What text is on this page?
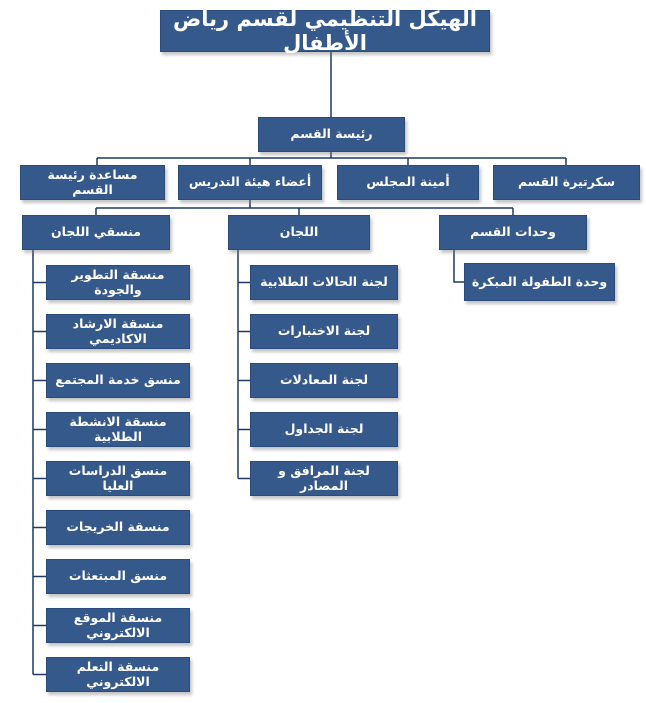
الهيكل التنظيمي لقسم رياض الأطفال
رئيسة القسم
مساعدة رئيسة القسم	أعضاء هيئة التدريس	أمينة المجلس	سكرتيرة القسم
منسقي اللجان	اللجان	وحدات القسم
وحدة الطفولة المبكرة
منسقة التطوير والجودة
منسقة الارشاد الاكاديمي
منسق خدمة المجتمع
منسقة الانشطة الطلابية
منسق الدراسات العليا
منسقة الخريجات
منسق المبتعثات
منسقة الموقع الالكتروني
منسقة التعلم الالكتروني
لجنة الحالات الطلابية
لجنة الاختبارات
لجنة المعادلات
لجنة الجداول
لجنة المرافق و المصادر
